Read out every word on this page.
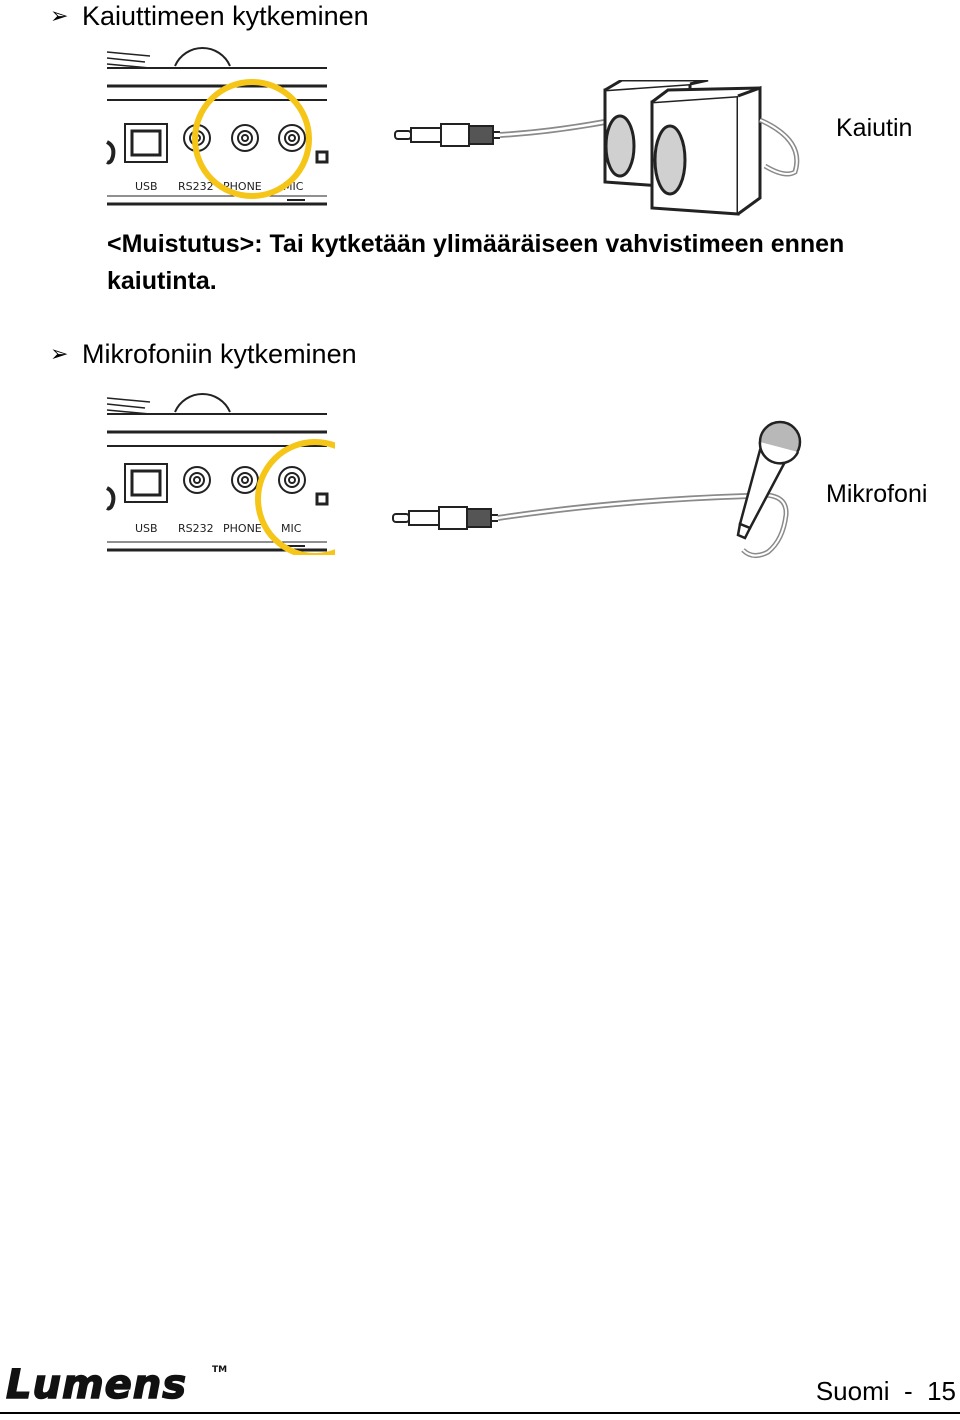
➢ Kaiuttimeen kytkeminen
USB RS232 PHONE MIC
Kaiutin
<Muistutus>: Tai kytketään ylimääräiseen vahvistimeen ennen kaiutinta.
➢ Mikrofoniin kytkeminen
USB RS232 PHONE MIC
Mikrofoni
Lumens	TM
Suomi  -  15
